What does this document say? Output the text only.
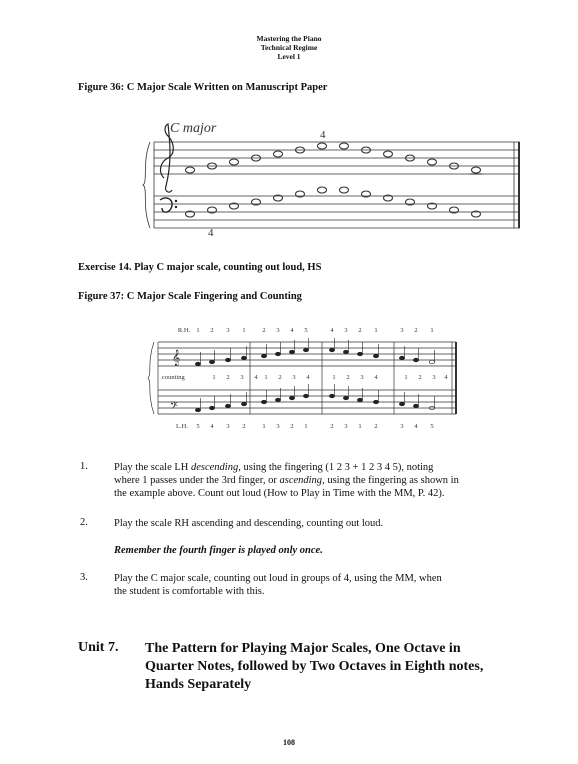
Mastering the Piano
Technical Regime
Level 1
Figure 36: C Major Scale Written on Manuscript Paper
C major	4
4
Exercise 14. Play C major scale, counting out loud, HS
Figure 37: C Major Scale Fingering and Counting
𝄞
𝄢
R.H. 1 2 3 1	2 3 4 5	4 3 2 1	3 2 1
counting	1 2 3 4 1 2 3 4	1 2 3 4	1 2 3 4
L.H. 5 4 3 2	1 3 2 1	2 3 1 2	3 4 5
1. Play the scale LH descending, using the fingering (1 2 3 + 1 2 3 4 5), noting
where 1 passes under the 3rd finger, or ascending, using the fingering as shown in
the example above. Count out loud (How to Play in Time with the MM, P. 42).
2. Play the scale RH ascending and descending, counting out loud.
Remember the fourth finger is played only once.
3. Play the C major scale, counting out loud in groups of 4, using the MM, when
the student is comfortable with this.
Unit 7. The Pattern for Playing Major Scales, One Octave in
Quarter Notes, followed by Two Octaves in Eighth notes,
Hands Separately
108
